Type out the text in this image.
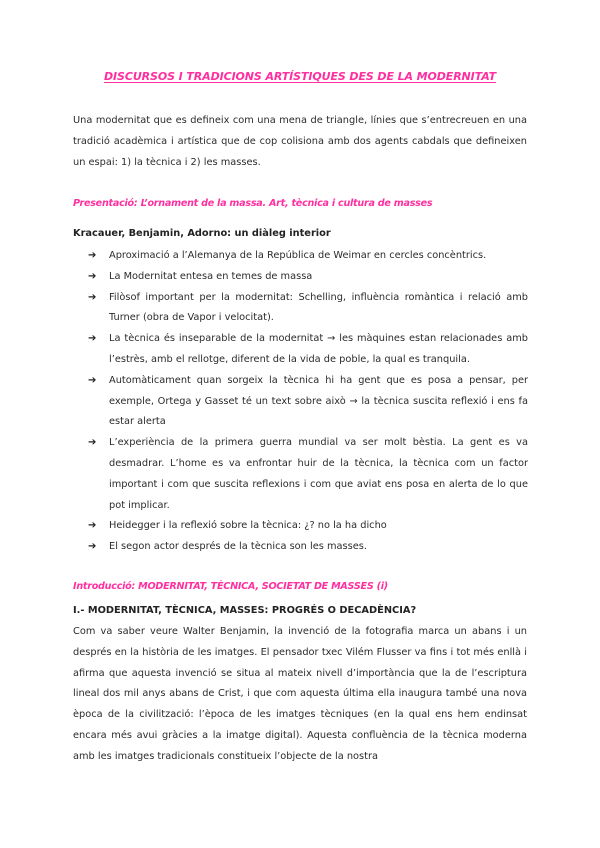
DISCURSOS I TRADICIONS ARTÍSTIQUES DES DE LA MODERNITAT

Una modernitat que es defineix com una mena de triangle, línies que s’entrecreuen en una tradició acadèmica i artística que de cop colisiona amb dos agents cabdals que defineixen un espai: 1) la tècnica i 2) les masses.

Presentació: L’ornament de la massa. Art, tècnica i cultura de masses
Kracauer, Benjamin, Adorno: un diàleg interior
➔ Aproximació a l’Alemanya de la República de Weimar en cercles concèntrics.
➔ La Modernitat entesa en temes de massa
➔ Filòsof important per la modernitat: Schelling, influència romàntica i relació amb Turner (obra de Vapor i velocitat).
➔ La tècnica és inseparable de la modernitat → les màquines estan relacionades amb l’estrès, amb el rellotge, diferent de la vida de poble, la qual es tranquila.
➔ Automàticament quan sorgeix la tècnica hi ha gent que es posa a pensar, per exemple, Ortega y Gasset té un text sobre això → la tècnica suscita reflexió i ens fa estar alerta
➔ L’experiència de la primera guerra mundial va ser molt bèstia. La gent es va desmadrar. L’home es va enfrontar huir de la tècnica, la tècnica com un factor important i com que suscita reflexions i com que aviat ens posa en alerta de lo que pot implicar.
➔ Heidegger i la reflexió sobre la tècnica: ¿? no la ha dicho
➔ El segon actor després de la tècnica son les masses.
Introducció: MODERNITAT, TÈCNICA, SOCIETAT DE MASSES (i)
I.- MODERNITAT, TÈCNICA, MASSES: PROGRÉS O DECADÈNCIA?

Com va saber veure Walter Benjamin, la invenció de la fotografia marca un abans i un després en la història de les imatges. El pensador txec Vilém Flusser va fins i tot més enllà i afirma que aquesta invenció se situa al mateix nivell d’importància que la de l’escriptura lineal dos mil anys abans de Crist, i que com aquesta última ella inaugura també una nova època de la civilització: l’època de les imatges tècniques (en la qual ens hem endinsat encara més avui gràcies a la imatge digital). Aquesta confluència de la tècnica moderna amb les imatges tradicionals constitueix l’objecte de la nostra
